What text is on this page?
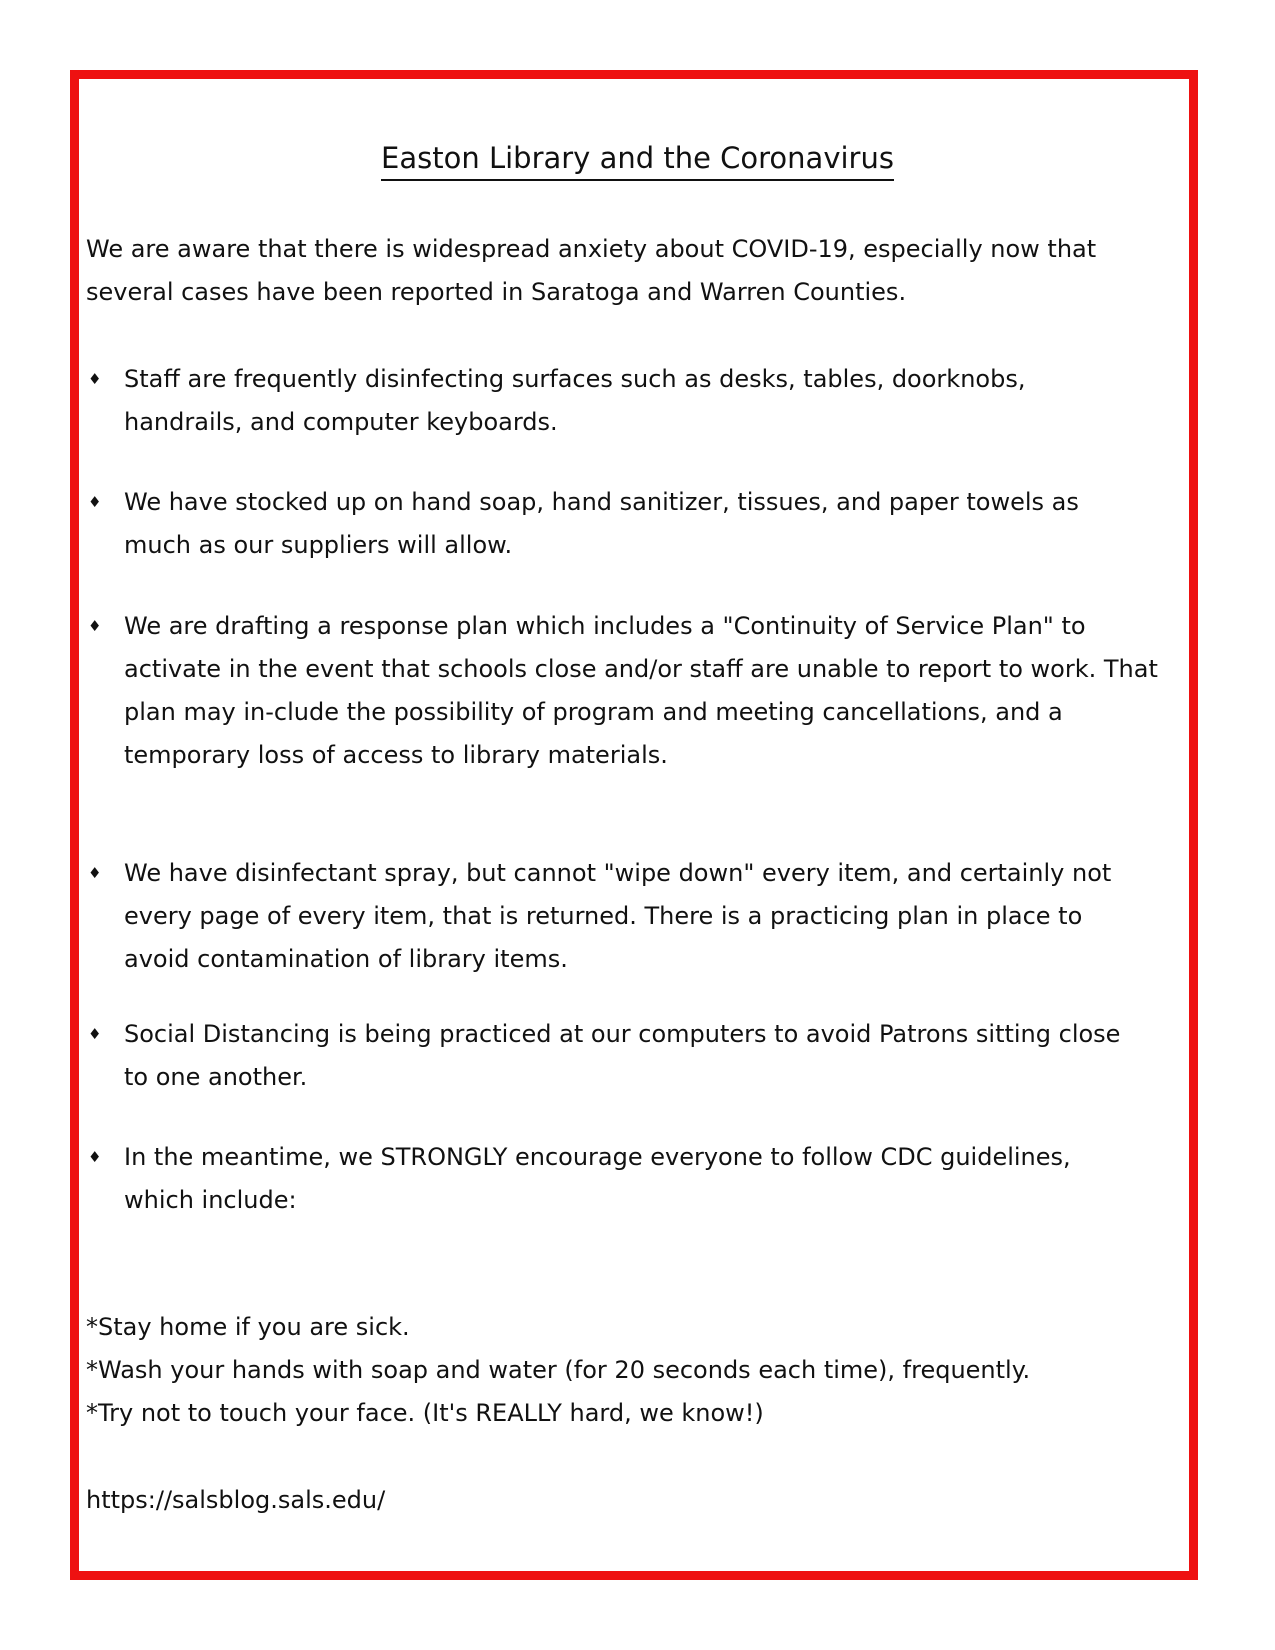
Easton Library and the Coronavirus

We are aware that there is widespread anxiety about COVID-19, especially now that several cases have been reported in Saratoga and Warren Counties.

♦ Staff are frequently disinfecting surfaces such as desks, tables, doorknobs, handrails, and computer keyboards.

♦ We have stocked up on hand soap, hand sanitizer, tissues, and paper towels as much as our suppliers will allow.

♦ We are drafting a response plan which includes a "Continuity of Service Plan" to activate in the event that schools close and/or staff are unable to report to work. That plan may in-clude the possibility of program and meeting cancellations, and a temporary loss of access to library materials.

♦ We have disinfectant spray, but cannot "wipe down" every item, and certainly not every page of every item, that is returned. There is a practicing plan in place to avoid contamination of library items.

♦ Social Distancing is being practiced at our computers to avoid Patrons sitting close to one another.

♦ In the meantime, we STRONGLY encourage everyone to follow CDC guidelines, which include:

*Stay home if you are sick.

*Wash your hands with soap and water (for 20 seconds each time), frequently.

*Try not to touch your face. (It's REALLY hard, we know!)

https://salsblog.sals.edu/
